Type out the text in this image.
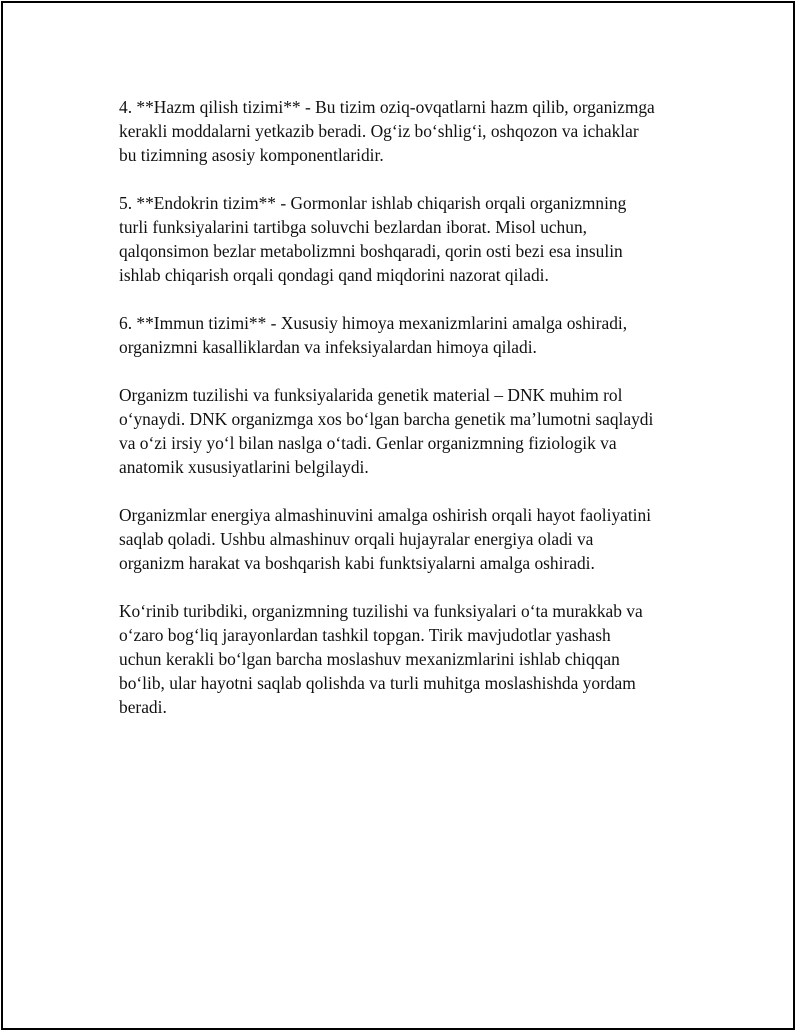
4. **Hazm qilish tizimi** - Bu tizim oziq-ovqatlarni hazm qilib, organizmga
kerakli moddalarni yetkazib beradi. Og‘iz bo‘shlig‘i, oshqozon va ichaklar
bu tizimning asosiy komponentlaridir.

5. **Endokrin tizim** - Gormonlar ishlab chiqarish orqali organizmning
turli funksiyalarini tartibga soluvchi bezlardan iborat. Misol uchun,
qalqonsimon bezlar metabolizmni boshqaradi, qorin osti bezi esa insulin
ishlab chiqarish orqali qondagi qand miqdorini nazorat qiladi.

6. **Immun tizimi** - Xususiy himoya mexanizmlarini amalga oshiradi,
organizmni kasalliklardan va infeksiyalardan himoya qiladi.

Organizm tuzilishi va funksiyalarida genetik material – DNK muhim rol
o‘ynaydi. DNK organizmga xos bo‘lgan barcha genetik ma’lumotni saqlaydi
va o‘zi irsiy yo‘l bilan naslga o‘tadi. Genlar organizmning fiziologik va
anatomik xususiyatlarini belgilaydi.

Organizmlar energiya almashinuvini amalga oshirish orqali hayot faoliyatini
saqlab qoladi. Ushbu almashinuv orqali hujayralar energiya oladi va
organizm harakat va boshqarish kabi funktsiyalarni amalga oshiradi.

Ko‘rinib turibdiki, organizmning tuzilishi va funksiyalari o‘ta murakkab va
o‘zaro bog‘liq jarayonlardan tashkil topgan. Tirik mavjudotlar yashash
uchun kerakli bo‘lgan barcha moslashuv mexanizmlarini ishlab chiqqan
bo‘lib, ular hayotni saqlab qolishda va turli muhitga moslashishda yordam
beradi.
